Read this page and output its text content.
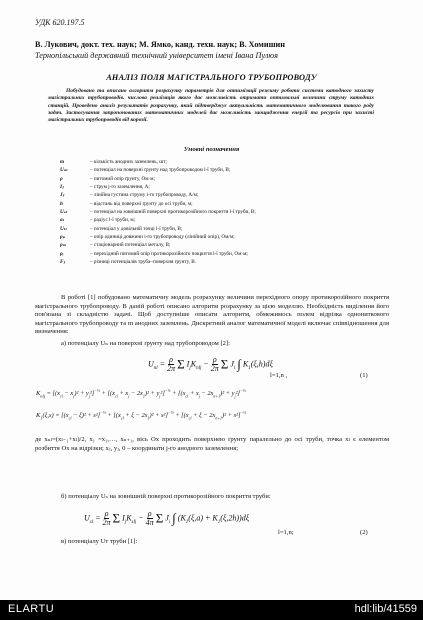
УДК 620.197.5
В. Лукович, докт. тех. наук; М. Ямко, канд. техн. наук; В. Хомишин
Тернопільський державний технічний університет імені Івана Пулюя
АНАЛІЗ ПОЛЯ МАГІСТРАЛЬНОГО ТРУБОПРОВОДУ
Побудовано та описано алгоритм розрахунку параметрів для оптимізації режиму роботи системи катодного захисту магістральних трубопроводів. числова реалізація якого дає можливість отримати оптимальні величини струму катодних станцій. Проведено аналіз результатів розрахунку, який підтверджує актуальність математичного моделювання такого роду задач. Застосування запропонованих математичних моделей дає можливість заощадження енергії та ресурсів при захисті магістральних трубопроводів від корозії.
Умовні позначення
m	– кількість анодних заземлень, шт;
Uₙₗ	– потенціал на поверхні ґрунту над трубопроводом l-ї труби, В;
ρ	– питомий опір ґрунту, Ом·м;
Iⱼ	– струм j-го заземлення, А;
Jⱼ	– лінійна густина струму i-го трубопроводу, А/м;
h	– відстань від поверхні ґрунту до осі труби, м;
Uₛₗ	– потенціал на зовнішній поверхні протикорозійного покриття l-ї труби, В;
aₗ	– радіус l-ї труби, м;
Uₗₜ	– потенціал у довільній точці l-ї труби, В;
ρₚ	– опір одиниці довжини i-го трубопроводу (лінійний опір), Ом/м;
ρₘ	– стаціонарний потенціал металу, В;
ρᵢ	– перехідний питомий опір протикорозійного покриття l-ї труби, Ом·м;
Fⱼ	– різниці потенціалів труба–поверхня ґрунту, В.
В роботі [1] побудовано математичну модель розрахунку величини перехідного опору протикорозійного покриття магістрального трубопроводу. В даній роботі описано алгоритм розрахунку за цією моделлю. Необхідність виділення його пов'язана зі складністю задачі. Щоб доступніше описати алгоритм, обмежимось полем відрізка однониткового магістрального трубопроводу та m анодних заземлень. Дискретний аналог математичної моделі включає співвідношення для визначення:
а) потенціалу Uₙ на поверхні ґрунту над трубопроводом [2]:
$U_{nl} = \frac{\rho}{2\pi}$ Σ $I_jK_{nlj} - \frac{\rho}{2\pi}$ Σ $J_i$ ∫ $K_1(\xi,h)d\xi$
l=1,n ,	(1)
$K_{nlj} = [(x_{cl} - x_j)^2 + y_j^2]^{-\frac{1}{2}} + [(x_{cl} + x_j - 2x_1)^2 + y_j^2]^{-\frac{1}{2}} + [(x_{cl} + x_j - 2x_{n+1})^2 + y_j^2]^{-\frac{1}{2}}$
$K_1(\xi,s) = [(x_{cl} - \xi)^2 + s^2]^{-\frac{1}{2}} + [(x_{cl} + \xi - 2x_1)^2 + s^2]^{-\frac{1}{2}} + [(x_{cl} + \xi - 2x_{n+1})^2 + s^2]^{-\frac{1}{2}}$
де xₙₗ=(xₗ₋₁+xₗ)/2, x₁ =x₁,…, xₙ₊₁, вісь Ох проходить поверхнею ґрунту паралельно до осі труби, точка xₗ є елементом розбиття Ох на відрізки; xⱼ, yⱼ, 0 – координати j-го анодного заземлення;
б) потенціалу Uₛ на зовнішній поверхні протикорозійного покриття труби:
$U_{sl} = \frac{\rho}{2\pi}$ Σ $I_jK_{slj} - \frac{\rho}{4\pi}$ Σ $J_i$ ∫ $(K_1(\xi,a) + K_1(\xi,2h))d\xi$
l=1,n;	(2)
в) потенціалу Uт труби [1]:
ELARTU	hdl:lib/41559
